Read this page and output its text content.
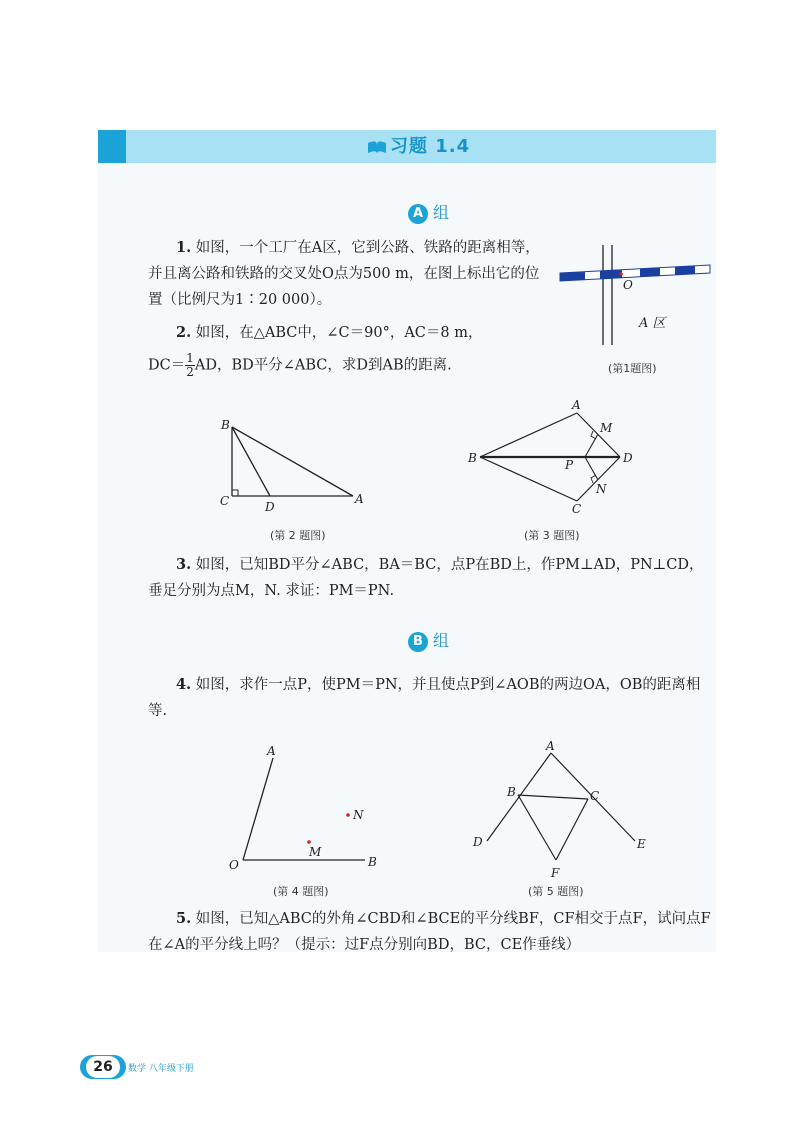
习题 1.4
A 组
1. 如图，一个工厂在A区，它到公路、铁路的距离相等，并且离公路和铁路的交叉处O点为500 m，在图上标出它的位置（比例尺为1∶20 000）。
2. 如图，在△ABC中，∠C＝90°，AC＝8 m，
$DC= \frac{1}{2}$ AD，BD平分∠ABC，求D到AB的距离.
O
A 区
(第1题图)
B
C	D
A
(第 2 题图)
A
B	D
C
M
N
P
(第 3 题图)
3. 如图，已知BD平分∠ABC，BA＝BC，点P在BD上，作PM⊥AD，PN⊥CD，垂足分别为点M，N. 求证：PM＝PN.
B 组
4. 如图，求作一点P，使PM＝PN，并且使点P到∠AOB的两边OA，OB的距离相等.
A
O	B
N
M
(第 4 题图)
A
B	C
D	E
F
(第 5 题图)
5. 如图，已知△ABC的外角∠CBD和∠BCE的平分线BF，CF相交于点F，试问点F在∠A的平分线上吗？（提示：过F点分别向BD，BC，CE作垂线）
26	数学 八年级下册
